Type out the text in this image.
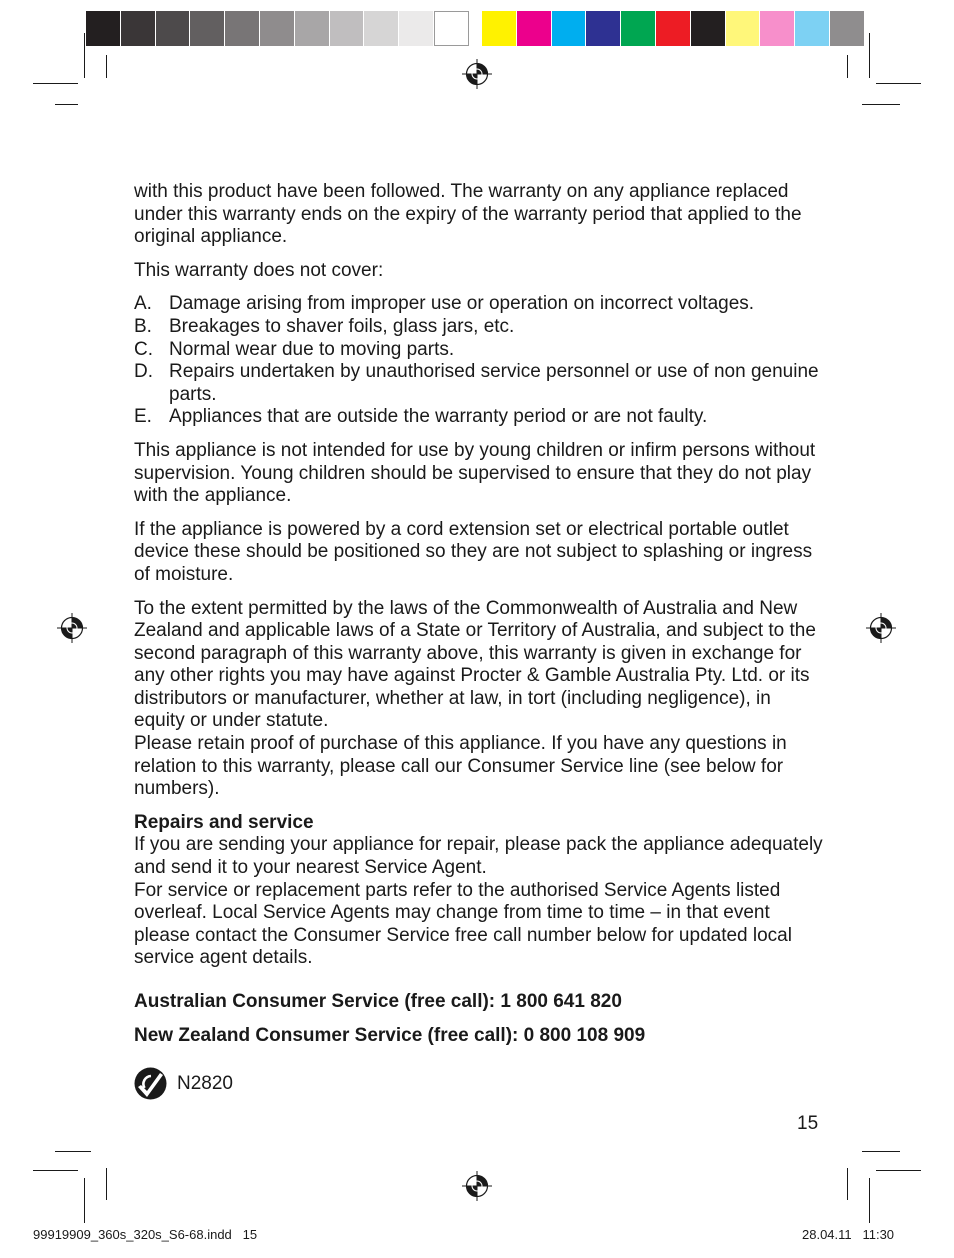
with this product have been followed. The warranty on any appliance replaced under this warranty ends on the expiry of the warranty period that applied to the original appliance.

This warranty does not cover:

A. Damage arising from improper use or operation on incorrect voltages.
B. Breakages to shaver foils, glass jars, etc.
C. Normal wear due to moving parts.
D. Repairs undertaken by unauthorised service personnel or use of non genuine parts.
E. Appliances that are outside the warranty period or are not faulty.

This appliance is not intended for use by young children or infirm persons without supervision. Young children should be supervised to ensure that they do not play with the appliance.

If the appliance is powered by a cord extension set or electrical portable outlet device these should be positioned so they are not subject to splashing or ingress of moisture.

To the extent permitted by the laws of the Commonwealth of Australia and New Zealand and applicable laws of a State or Territory of Australia, and subject to the second paragraph of this warranty above, this warranty is given in exchange for any other rights you may have against Procter & Gamble Australia Pty. Ltd. or its distributors or manufacturer, whether at law, in tort (including negligence), in equity or under statute.
Please retain proof of purchase of this appliance. If you have any questions in relation to this warranty, please call our Consumer Service line (see below for numbers).

Repairs and service
If you are sending your appliance for repair, please pack the appliance adequately and send it to your nearest Service Agent.
For service or replacement parts refer to the authorised Service Agents listed overleaf. Local Service Agents may change from time to time – in that event please contact the Consumer Service free call number below for updated local service agent details.

Australian Consumer Service (free call): 1 800 641 820

New Zealand Consumer Service (free call): 0 800 108 909

N2820
15
99919909_360s_320s_S6-68.indd   15	28.04.11   11:30
